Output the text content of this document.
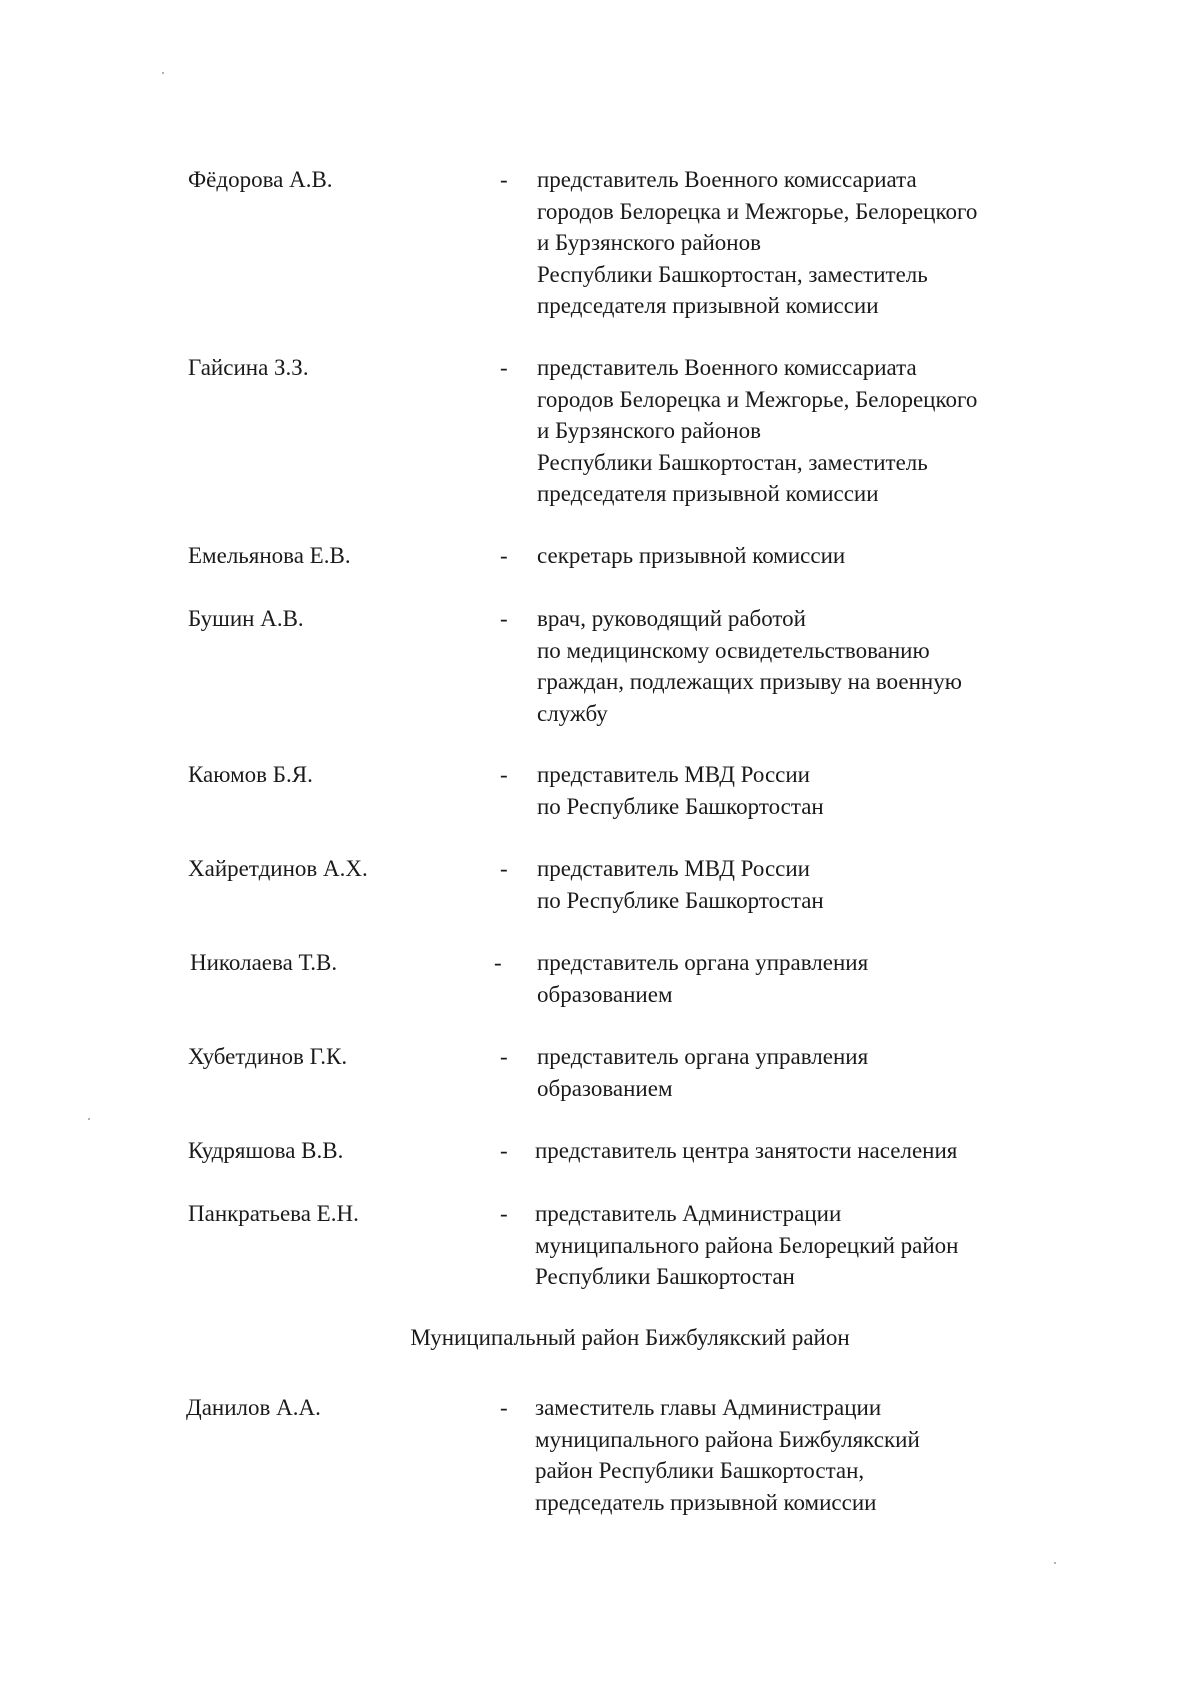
Фёдорова А.В.	- представитель Военного комиссариата
городов Белорецка и Межгорье, Белорецкого
и Бурзянского районов
Республики Башкортостан, заместитель
председателя призывной комиссии
Гайсина З.З.	- представитель Военного комиссариата
городов Белорецка и Межгорье, Белорецкого
и Бурзянского районов
Республики Башкортостан, заместитель
председателя призывной комиссии
Емельянова Е.В.	- секретарь призывной комиссии
Бушин А.В.	- врач, руководящий работой
по медицинскому освидетельствованию
граждан, подлежащих призыву на военную
службу
Каюмов Б.Я.	- представитель МВД России
по Республике Башкортостан
Хайретдинов А.Х.	- представитель МВД России
по Республике Башкортостан
Николаева Т.В.	- представитель органа управления
образованием
Хубетдинов Г.К.	- представитель органа управления
образованием
Кудряшова В.В.	- представитель центра занятости населения
Панкратьева Е.Н.	- представитель Администрации
муниципального района Белорецкий район
Республики Башкортостан
Муниципальный район Бижбулякский район
Данилов А.А.	- заместитель главы Администрации
муниципального района Бижбулякский
район Республики Башкортостан,
председатель призывной комиссии
